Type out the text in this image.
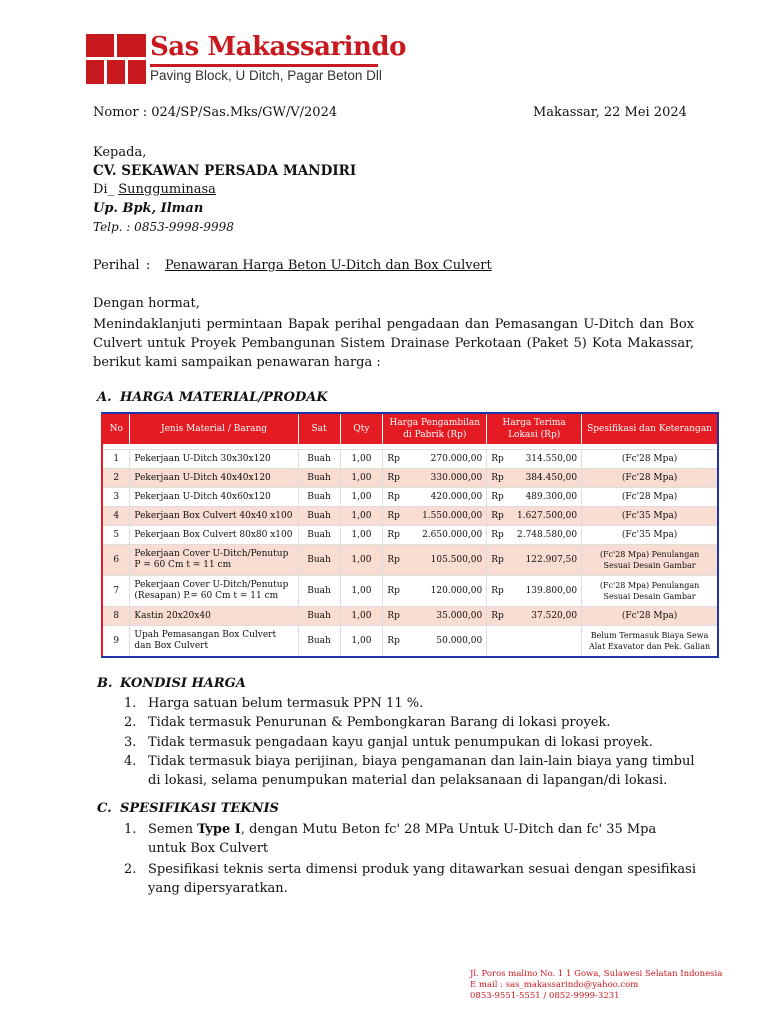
Sas Makassarindo
Paving Block, U Ditch, Pagar Beton Dll
Nomor : 024/SP/Sas.Mks/GW/V/2024	Makassar, 22 Mei 2024
Kepada,
CV. SEKAWAN PERSADA MANDIRI
Di_ Sungguminasa
Up. Bpk, Ilman
Telp. : 0853-9998-9998
Perihal : Penawaran Harga Beton U-Ditch dan Box Culvert
Dengan hormat,
Menindaklanjuti permintaan Bapak perihal pengadaan dan Pemasangan U-Ditch dan Box Culvert untuk Proyek Pembangunan Sistem Drainase Perkotaan (Paket 5) Kota Makassar, berikut kami sampaikan penawaran harga :
A. HARGA MATERIAL/PRODAK
No	Jenis Material / Barang	Sat	Qty	Harga Pengambilan di Pabrik (Rp)		Harga Terima Lokasi (Rp)		Spesifikasi dan Keterangan

1	Pekerjaan U-Ditch 30x30x120	Buah	1,00	Rp	270.000,00	Rp	314.550,00	(Fc'28 Mpa)
2	Pekerjaan U-Ditch 40x40x120	Buah	1,00	Rp	330.000,00	Rp	384.450,00	(Fc'28 Mpa)
3	Pekerjaan U-Ditch 40x60x120	Buah	1,00	Rp	420.000,00	Rp	489.300,00	(Fc'28 Mpa)
4	Pekerjaan Box Culvert 40x40 x100	Buah	1,00	Rp	1.550.000,00	Rp	1.627.500,00	(Fc'35 Mpa)
5	Pekerjaan Box Culvert 80x80 x100	Buah	1,00	Rp	2.650.000,00	Rp	2.748.580,00	(Fc'35 Mpa)
6	Pekerjaan Cover U-Ditch/Penutup P = 60 Cm t = 11 cm	Buah	1,00	Rp	105.500,00	Rp	122.907,50	(Fc'28 Mpa) Penulangan Sesuai Desain Gambar
7	Pekerjaan Cover U-Ditch/Penutup (Resapan) P.= 60 Cm t = 11 cm	Buah	1,00	Rp	120.000,00	Rp	139.800,00	(Fc'28 Mpa) Penulangan Sesuai Desain Gambar
8	Kastin 20x20x40	Buah	1,00	Rp	35.000,00	Rp	37.520,00	(Fc'28 Mpa)
9	Upah Pemasangan Box Culvert dan Box Culvert	Buah	1,00	Rp	50.000,00			Belum Termasuk Biaya Sewa Alat Exavator dan Pek. Galian
B. KONDISI HARGA
1. Harga satuan belum termasuk PPN 11 %.
2. Tidak termasuk Penurunan & Pembongkaran Barang di lokasi proyek.
3. Tidak termasuk pengadaan kayu ganjal untuk penumpukan di lokasi proyek.
4. Tidak termasuk biaya perijinan, biaya pengamanan dan lain-lain biaya yang timbul di lokasi, selama penumpukan material dan pelaksanaan di lapangan/di lokasi.
C. SPESIFIKASI TEKNIS
1. Semen Type I, dengan Mutu Beton fc' 28 MPa Untuk U-Ditch dan fc' 35 Mpa untuk Box Culvert
2. Spesifikasi teknis serta dimensi produk yang ditawarkan sesuai dengan spesifikasi yang dipersyaratkan.
Jl. Poros malino No. 1 1 Gowa, Sulawesi Selatan Indonesia
E mail : sas_makassarindo@yahoo.com
0853-9551-5551 / 0852-9999-3231
